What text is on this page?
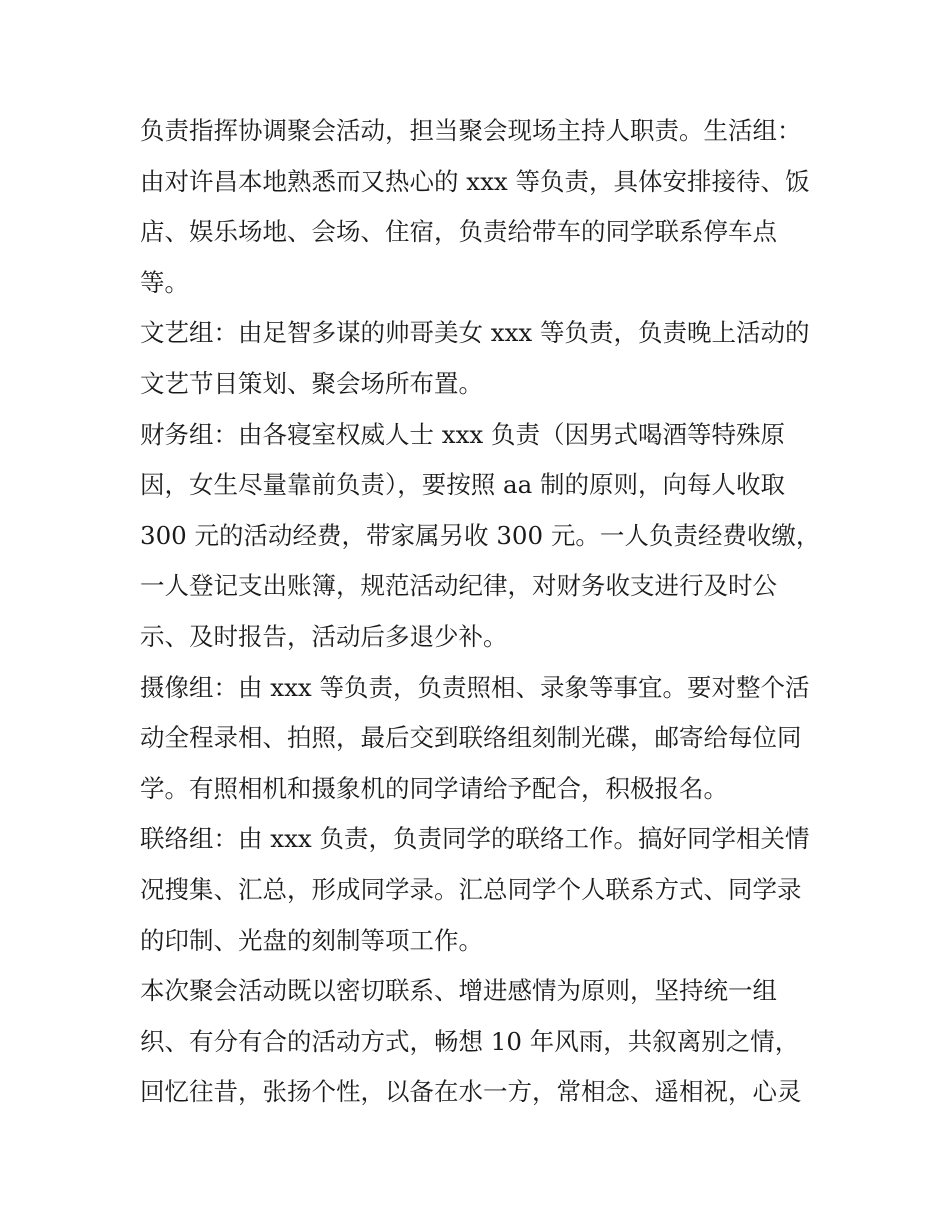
负责指挥协调聚会活动，担当聚会现场主持人职责。生活组：
由对许昌本地熟悉而又热心的 xxx 等负责，具体安排接待、饭
店、娱乐场地、会场、住宿，负责给带车的同学联系停车点
等。
文艺组：由足智多谋的帅哥美女 xxx 等负责，负责晚上活动的
文艺节目策划、聚会场所布置。
财务组：由各寝室权威人士 xxx 负责（因男式喝酒等特殊原
因，女生尽量靠前负责），要按照 aa 制的原则，向每人收取
300 元的活动经费，带家属另收 300 元。一人负责经费收缴，
一人登记支出账簿，规范活动纪律，对财务收支进行及时公
示、及时报告，活动后多退少补。
摄像组：由 xxx 等负责，负责照相、录象等事宜。要对整个活
动全程录相、拍照，最后交到联络组刻制光碟，邮寄给每位同
学。有照相机和摄象机的同学请给予配合，积极报名。
联络组：由 xxx 负责，负责同学的联络工作。搞好同学相关情
况搜集、汇总，形成同学录。汇总同学个人联系方式、同学录
的印制、光盘的刻制等项工作。
本次聚会活动既以密切联系、增进感情为原则，坚持统一组
织、有分有合的活动方式，畅想 10 年风雨，共叙离别之情，
回忆往昔，张扬个性，以备在水一方，常相念、遥相祝，心灵
